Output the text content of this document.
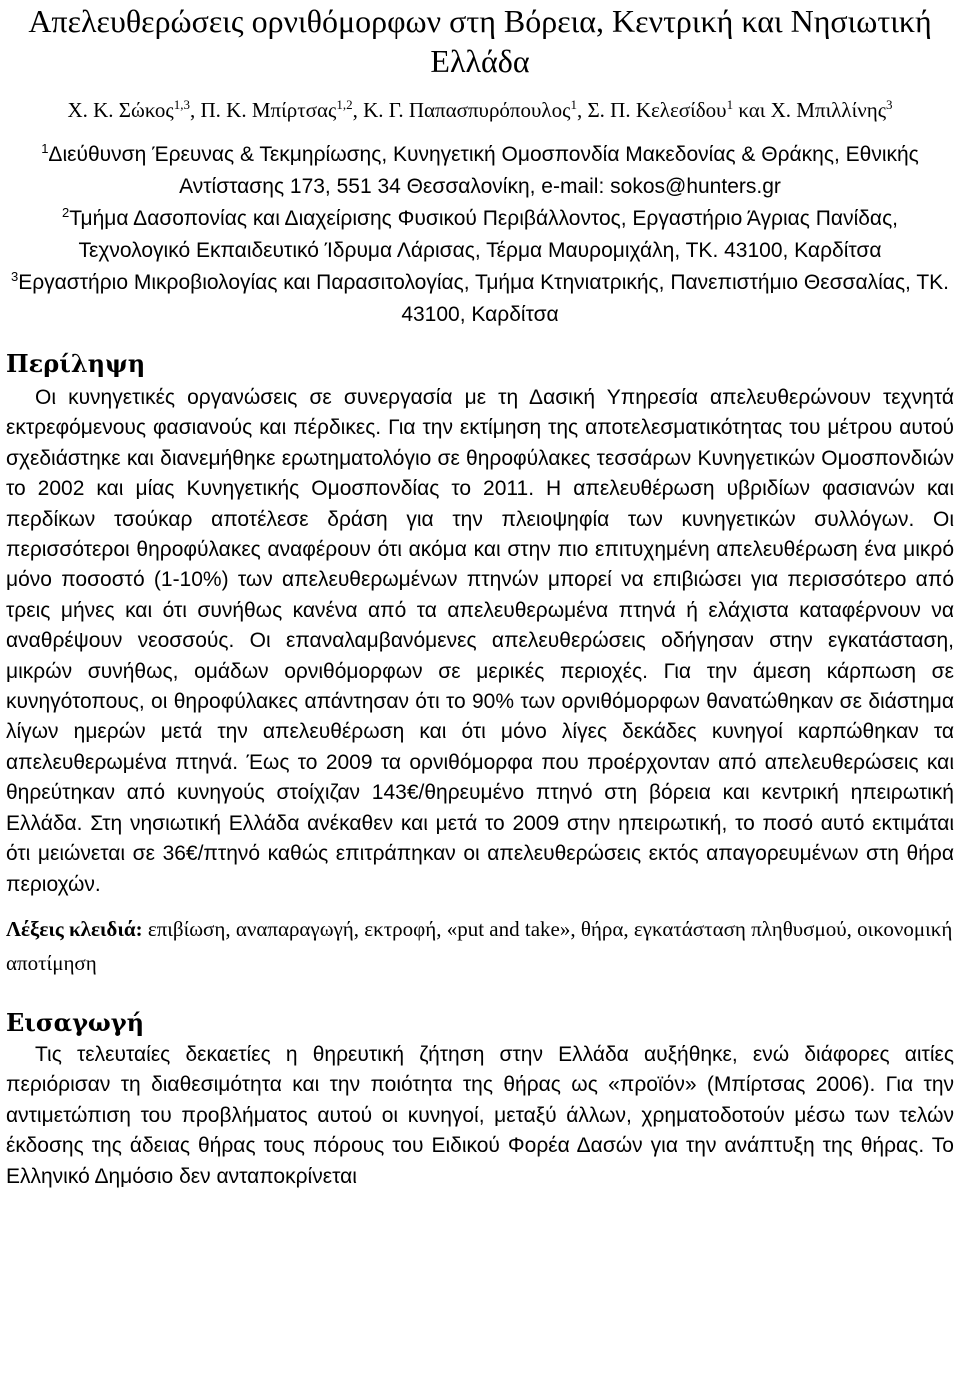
Απελευθερώσεις ορνιθόμορφων στη Βόρεια, Κεντρική και Νησιωτική Ελλάδα
Χ. Κ. Σώκος$^{1,3}$, Π. Κ. Μπίρτσας$^{1,2}$, Κ. Γ. Παπασπυρόπουλος$^1$, Σ. Π. Κελεσίδου$^1$ και Χ. Μπιλλίνης$^3$
$^1$Διεύθυνση Έρευνας & Τεκμηρίωσης, Κυνηγετική Ομοσπονδία Μακεδονίας & Θράκης, Εθνικής Αντίστασης 173, 551 34 Θεσσαλονίκη, e-mail: sokos@hunters.gr
$^2$Τμήμα Δασοπονίας και Διαχείρισης Φυσικού Περιβάλλοντος, Εργαστήριο Άγριας Πανίδας, Τεχνολογικό Εκπαιδευτικό Ίδρυμα Λάρισας, Τέρμα Μαυρομιχάλη, ΤΚ. 43100, Καρδίτσα
$^3$Εργαστήριο Μικροβιολογίας και Παρασιτολογίας, Τμήμα Κτηνιατρικής, Πανεπιστήμιο Θεσσαλίας, ΤΚ. 43100, Καρδίτσα
Περίληψη

Οι κυνηγετικές οργανώσεις σε συνεργασία με τη Δασική Υπηρεσία απελευθερώνουν τεχνητά εκτρεφόμενους φασιανούς και πέρδικες. Για την εκτίμηση της αποτελεσματικότητας του μέτρου αυτού σχεδιάστηκε και διανεμήθηκε ερωτηματολόγιο σε θηροφύλακες τεσσάρων Κυνηγετικών Ομοσπονδιών το 2002 και μίας Κυνηγετικής Ομοσπονδίας το 2011. Η απελευθέρωση υβριδίων φασιανών και περδίκων τσούκαρ αποτέλεσε δράση για την πλειοψηφία των κυνηγετικών συλλόγων. Οι περισσότεροι θηροφύλακες αναφέρουν ότι ακόμα και στην πιο επιτυχημένη απελευθέρωση ένα μικρό μόνο ποσοστό (1-10%) των απελευθερωμένων πτηνών μπορεί να επιβιώσει για περισσότερο από τρεις μήνες και ότι συνήθως κανένα από τα απελευθερωμένα πτηνά ή ελάχιστα καταφέρνουν να αναθρέψουν νεοσσούς. Οι επαναλαμβανόμενες απελευθερώσεις οδήγησαν στην εγκατάσταση, μικρών συνήθως, ομάδων ορνιθόμορφων σε μερικές περιοχές. Για την άμεση κάρπωση σε κυνηγότοπους, οι θηροφύλακες απάντησαν ότι το 90% των ορνιθόμορφων θανατώθηκαν σε διάστημα λίγων ημερών μετά την απελευθέρωση και ότι μόνο λίγες δεκάδες κυνηγοί καρπώθηκαν τα απελευθερωμένα πτηνά. Έως το 2009 τα ορνιθόμορφα που προέρχονταν από απελευθερώσεις και θηρεύτηκαν από κυνηγούς στοίχιζαν 143€/θηρευμένο πτηνό στη βόρεια και κεντρική ηπειρωτική Ελλάδα. Στη νησιωτική Ελλάδα ανέκαθεν και μετά το 2009 στην ηπειρωτική, το ποσό αυτό εκτιμάται ότι μειώνεται σε 36€/πτηνό καθώς επιτράπηκαν οι απελευθερώσεις εκτός απαγορευμένων στη θήρα περιοχών.

Λέξεις κλειδιά: επιβίωση, αναπαραγωγή, εκτροφή, «put and take», θήρα, εγκατάσταση πληθυσμού, οικονομική αποτίμηση

Εισαγωγή

Τις τελευταίες δεκαετίες η θηρευτική ζήτηση στην Ελλάδα αυξήθηκε, ενώ διάφορες αιτίες περιόρισαν τη διαθεσιμότητα και την ποιότητα της θήρας ως «προϊόν» (Μπίρτσας 2006). Για την αντιμετώπιση του προβλήματος αυτού οι κυνηγοί, μεταξύ άλλων, χρηματοδοτούν μέσω των τελών έκδοσης της άδειας θήρας τους πόρους του Ειδικού Φορέα Δασών για την ανάπτυξη της θήρας. Το Ελληνικό Δημόσιο δεν ανταποκρίνεται
